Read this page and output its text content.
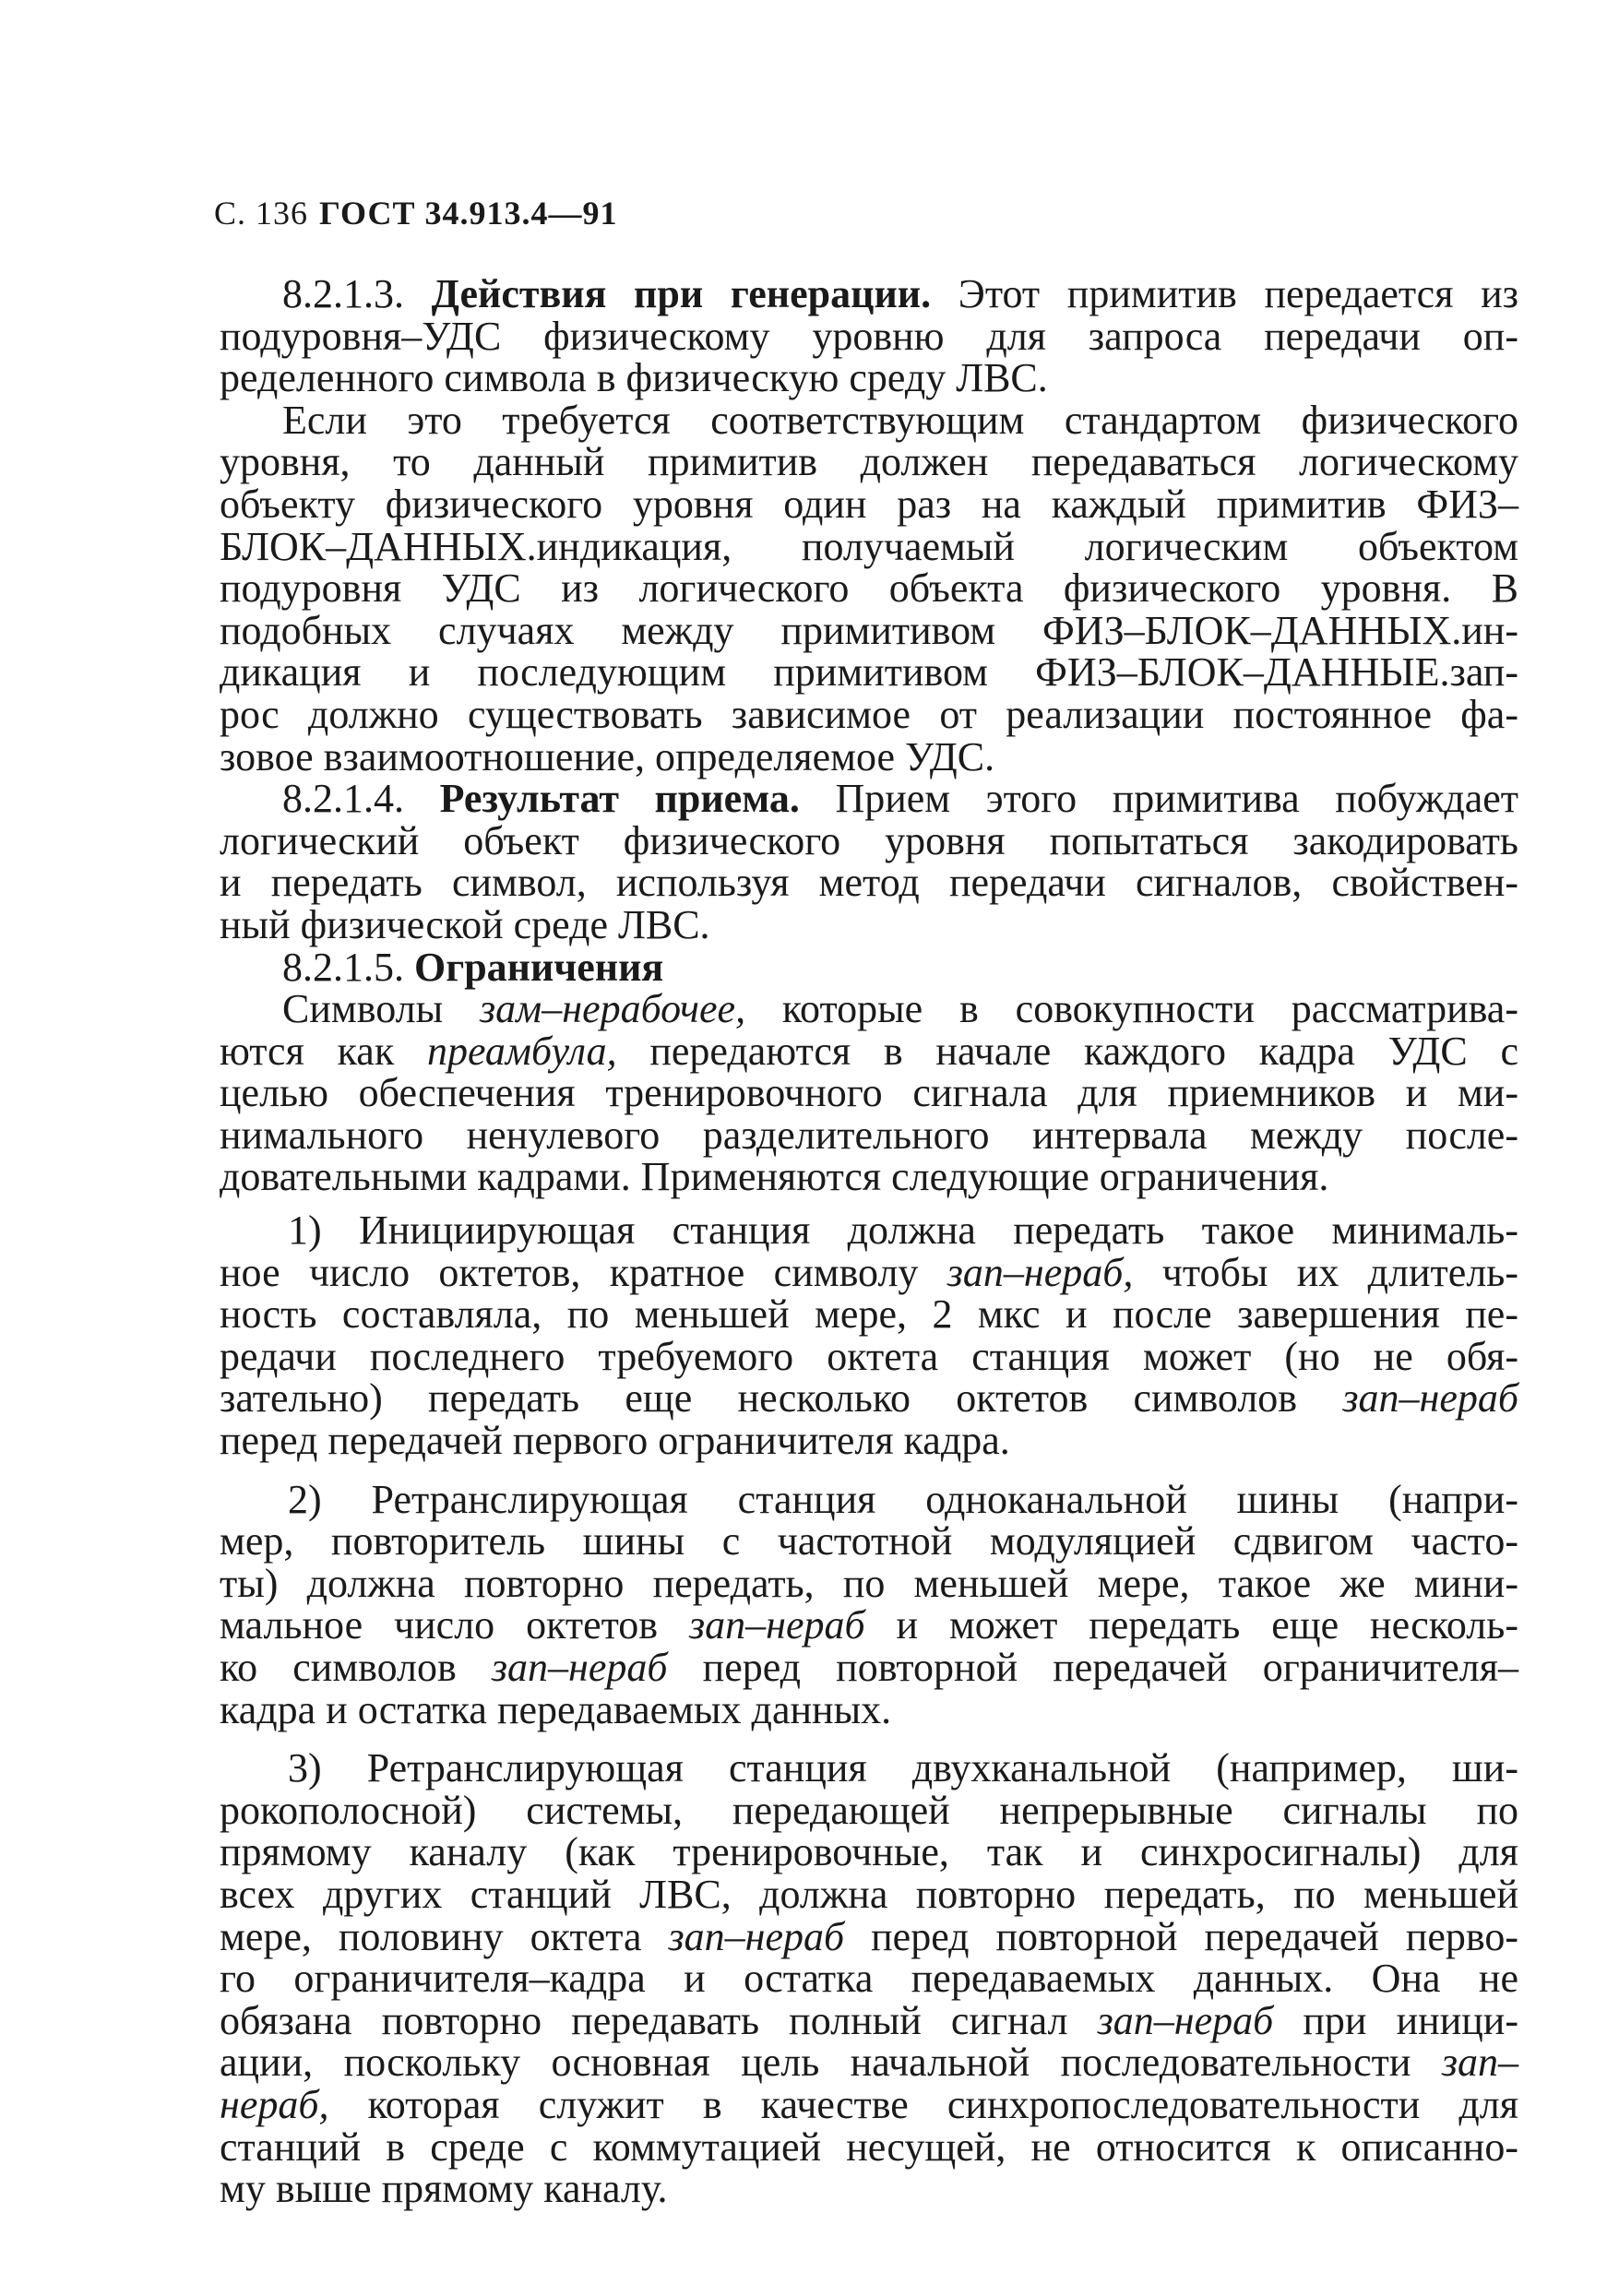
С. 136 ГОСТ 34.913.4—91
8.2.1.3. Действия при генерации. Этот примитив передается из
подуровня–УДС физическому уровню для запроса передачи оп-
ределенного символа в физическую среду ЛВС.
Если это требуется соответствующим стандартом физического
уровня, то данный примитив должен передаваться логическому
объекту физического уровня один раз на каждый примитив ФИЗ–
БЛОК–ДАННЫХ.индикация, получаемый логическим объектом
подуровня УДС из логического объекта физического уровня. В
подобных случаях между примитивом ФИЗ–БЛОК–ДАННЫХ.ин-
дикация и последующим примитивом ФИЗ–БЛОК–ДАННЫЕ.зап-
рос должно существовать зависимое от реализации постоянное фа-
зовое взаимоотношение, определяемое УДС.
8.2.1.4. Результат приема. Прием этого примитива побуждает
логический объект физического уровня попытаться закодировать
и передать символ, используя метод передачи сигналов, свойствен-
ный физической среде ЛВС.
8.2.1.5. Ограничения
Символы зам–нерабочее, которые в совокупности рассматрива-
ются как преамбула, передаются в начале каждого кадра УДС с
целью обеспечения тренировочного сигнала для приемников и ми-
нимального ненулевого разделительного интервала между после-
довательными кадрами. Применяются следующие ограничения.
1) Инициирующая станция должна передать такое минималь-
ное число октетов, кратное символу зап–нераб, чтобы их длитель-
ность составляла, по меньшей мере, 2 мкс и после завершения пе-
редачи последнего требуемого октета станция может (но не обя-
зательно) передать еще несколько октетов символов зап–нераб
перед передачей первого ограничителя кадра.
2) Ретранслирующая станция одноканальной шины (напри-
мер, повторитель шины с частотной модуляцией сдвигом часто-
ты) должна повторно передать, по меньшей мере, такое же мини-
мальное число октетов зап–нераб и может передать еще несколь-
ко символов зап–нераб перед повторной передачей ограничителя–
кадра и остатка передаваемых данных.
3) Ретранслирующая станция двухканальной (например, ши-
рокополосной) системы, передающей непрерывные сигналы по
прямому каналу (как тренировочные, так и синхросигналы) для
всех других станций ЛВС, должна повторно передать, по меньшей
мере, половину октета зап–нераб перед повторной передачей перво-
го ограничителя–кадра и остатка передаваемых данных. Она не
обязана повторно передавать полный сигнал зап–нераб при иници-
ации, поскольку основная цель начальной последовательности зап–
нераб, которая служит в качестве синхропоследовательности для
станций в среде с коммутацией несущей, не относится к описанно-
му выше прямому каналу.
